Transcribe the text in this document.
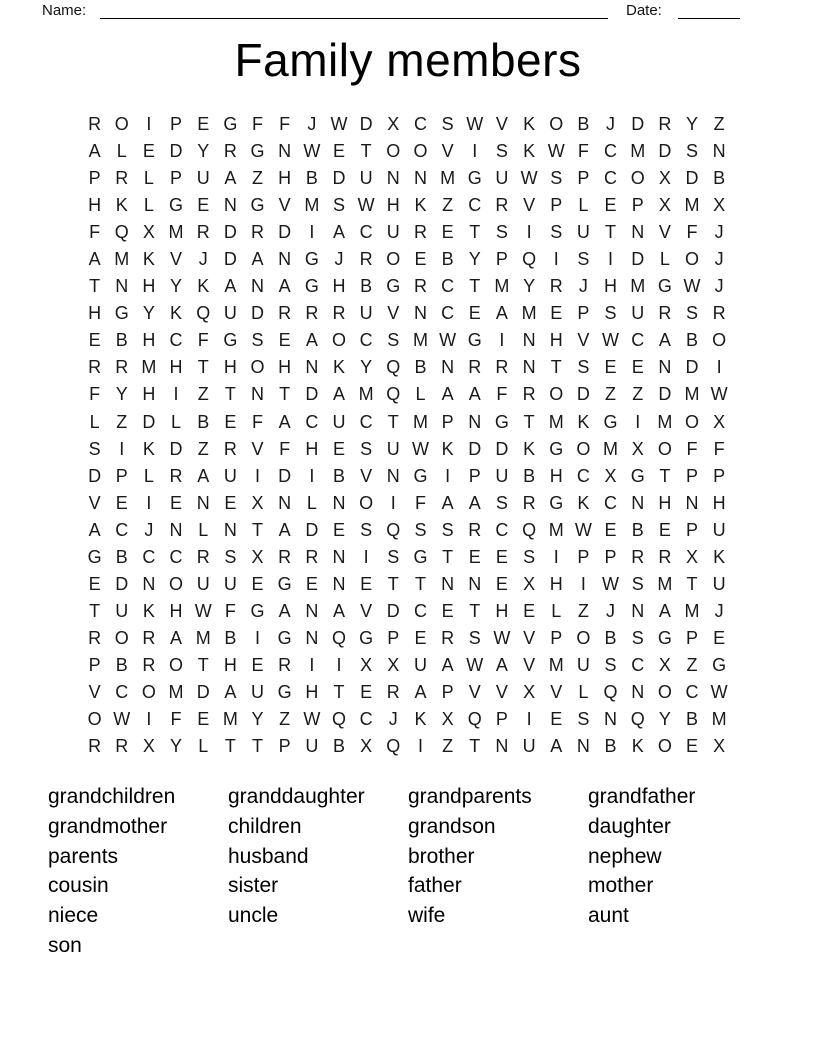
Name:	Date:
Family members
R O I	P E G F F J W D X C S W V K O B J D R Y Z
A L E D Y R G N W E T O O V	I	S K W F C M D S N
P R L P U A Z H B D U N N M G U W S P C O X D B
H K L G E N G V M S W H K Z C R V P L E P X M X
F Q X M R D R D	I	A C U R E T S	I	S U T N V F J
A M K V J D A N G J R O E B Y P Q I	S	I	D L O J
T N H Y K A N A G H B G R C T M Y R J H M G W J
H G Y K Q U D R R R U V N C E A M E P S U R S R
E B H C F G S E A O C S M W G I	N H V W C A B O
R R M H T H O H N K Y Q B N R R N T S E E N D	I
F Y H	I	Z T N T D A M Q L A A F R O D Z Z D M W
L Z D L B E F A C U C T M P N G T M K G I M O X
S	I	K D Z R V F H E S U W K D D K G O M X O F F
D P L R A U	I	D	I	B V N G I	P U B H C X G T P P
V E	I	E N E X N L N O I	F A A S R G K C N H N H
A C J N L N T A D E S Q S S R C Q M W E B E P U
G B C C R S X R R N	I	S G T E E S	I	P P R R X K
E D N O U U E G E N E T T N N E X H	I W S M T U
T U K H W F G A N A V D C E T H E L Z J N A M J
R O R A M B	I G N Q G P E R S W V P O B S G P E
P B R O T H E R	I	I	X X U A W A V M U S C X Z G
V C O M D A U G H T E R A P V V X V L Q N O C W
O W I	F E M Y Z W Q C J K X Q P	I	E S N Q Y B M
R R X Y L T T P U B X Q I	Z T N U A N B K O E X
grandchildren
grandmother
parents
cousin
niece
son
granddaughter
children
husband
sister
uncle
grandparents
grandson
brother
father
wife
grandfather
daughter
nephew
mother
aunt
